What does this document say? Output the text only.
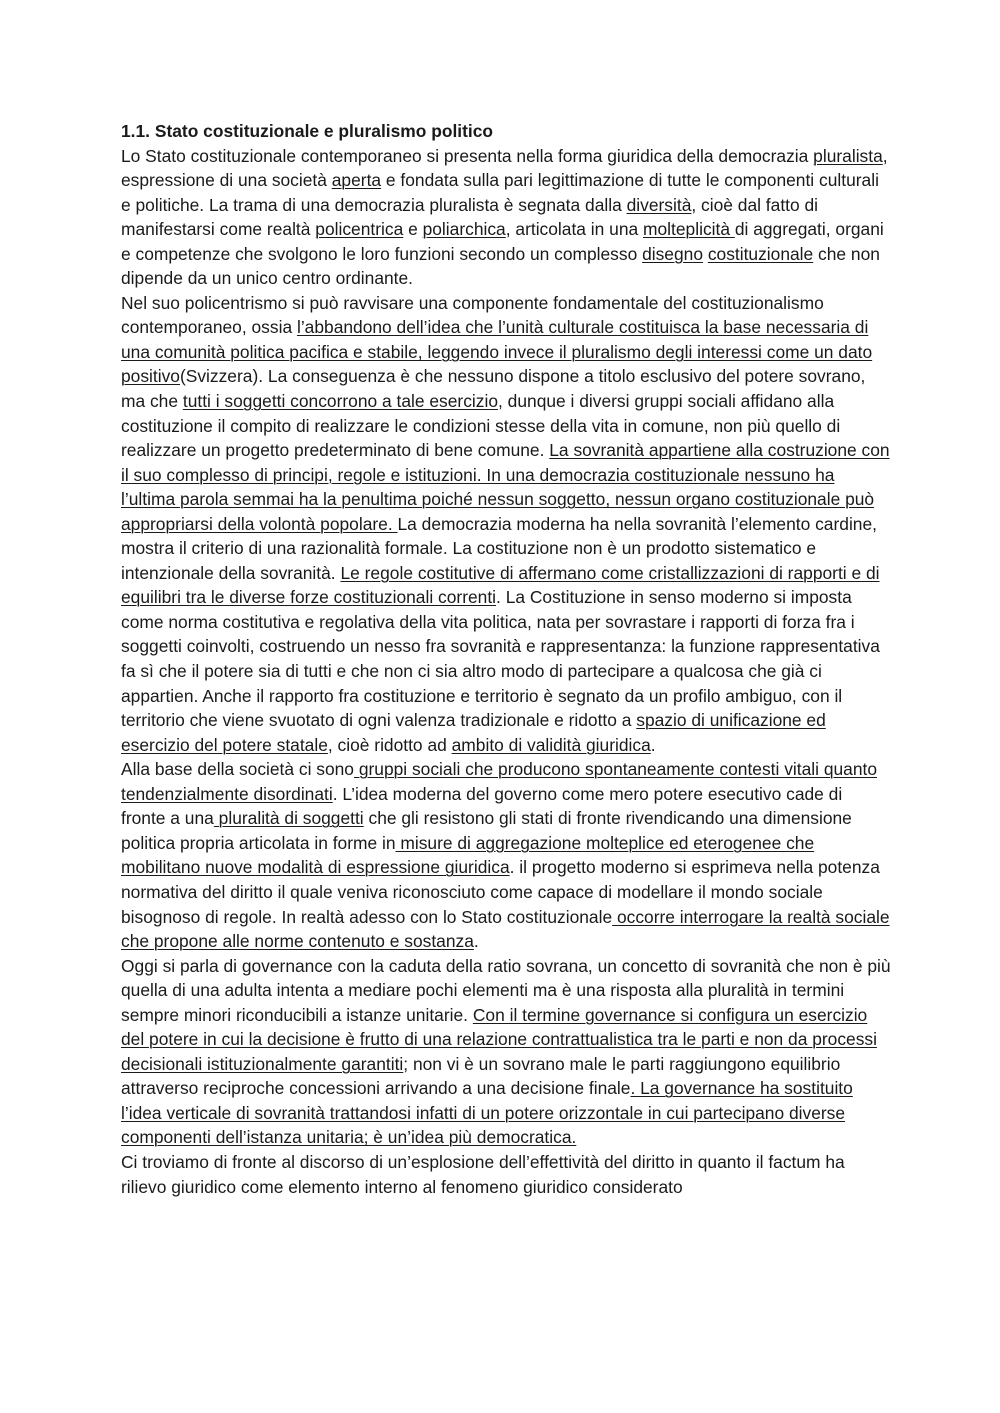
1.1. Stato costituzionale e pluralismo politico

Lo Stato costituzionale contemporaneo si presenta nella forma giuridica della democrazia pluralista, espressione di una società aperta e fondata sulla pari legittimazione di tutte le componenti culturali e politiche. La trama di una democrazia pluralista è segnata dalla diversità, cioè dal fatto di manifestarsi come realtà policentrica e poliarchica, articolata in una molteplicità di aggregati, organi e competenze che svolgono le loro funzioni secondo un complesso disegno costituzionale che non dipende da un unico centro ordinante.

Nel suo policentrismo si può ravvisare una componente fondamentale del costituzionalismo contemporaneo, ossia l’abbandono dell’idea che l’unità culturale costituisca la base necessaria di una comunità politica pacifica e stabile, leggendo invece il pluralismo degli interessi come un dato positivo(Svizzera). La conseguenza è che nessuno dispone a titolo esclusivo del potere sovrano, ma che tutti i soggetti concorrono a tale esercizio, dunque i diversi gruppi sociali affidano alla costituzione il compito di realizzare le condizioni stesse della vita in comune, non più quello di realizzare un progetto predeterminato di bene comune. La sovranità appartiene alla costruzione con il suo complesso di principi, regole e istituzioni. In una democrazia costituzionale nessuno ha l’ultima parola semmai ha la penultima poiché nessun soggetto, nessun organo costituzionale può appropriarsi della volontà popolare. La democrazia moderna ha nella sovranità l’elemento cardine, mostra il criterio di una razionalità formale. La costituzione non è un prodotto sistematico e intenzionale della sovranità. Le regole costitutive di affermano come cristallizzazioni di rapporti e di equilibri tra le diverse forze costituzionali correnti. La Costituzione in senso moderno si imposta come norma costitutiva e regolativa della vita politica, nata per sovrastare i rapporti di forza fra i soggetti coinvolti, costruendo un nesso fra sovranità e rappresentanza: la funzione rappresentativa fa sì che il potere sia di tutti e che non ci sia altro modo di partecipare a qualcosa che già ci appartien. Anche il rapporto fra costituzione e territorio è segnato da un profilo ambiguo, con il territorio che viene svuotato di ogni valenza tradizionale e ridotto a spazio di unificazione ed esercizio del potere statale, cioè ridotto ad ambito di validità giuridica.

Alla base della società ci sono gruppi sociali che producono spontaneamente contesti vitali quanto tendenzialmente disordinati. L’idea moderna del governo come mero potere esecutivo cade di fronte a una pluralità di soggetti che gli resistono gli stati di fronte rivendicando una dimensione politica propria articolata in forme in misure di aggregazione molteplice ed eterogenee che mobilitano nuove modalità di espressione giuridica. il progetto moderno si esprimeva nella potenza normativa del diritto il quale veniva riconosciuto come capace di modellare il mondo sociale bisognoso di regole. In realtà adesso con lo Stato costituzionale occorre interrogare la realtà sociale che propone alle norme contenuto e sostanza.

Oggi si parla di governance con la caduta della ratio sovrana, un concetto di sovranità che non è più quella di una adulta intenta a mediare pochi elementi ma è una risposta alla pluralità in termini sempre minori riconducibili a istanze unitarie. Con il termine governance si configura un esercizio del potere in cui la decisione è frutto di una relazione contrattualistica tra le parti e non da processi decisionali istituzionalmente garantiti; non vi è un sovrano male le parti raggiungono equilibrio attraverso reciproche concessioni arrivando a una decisione finale. La governance ha sostituito l’idea verticale di sovranità trattandosi infatti di un potere orizzontale in cui partecipano diverse componenti dell’istanza unitaria; è un’idea più democratica.

Ci troviamo di fronte al discorso di un’esplosione dell’effettività del diritto in quanto il factum ha rilievo giuridico come elemento interno al fenomeno giuridico considerato
